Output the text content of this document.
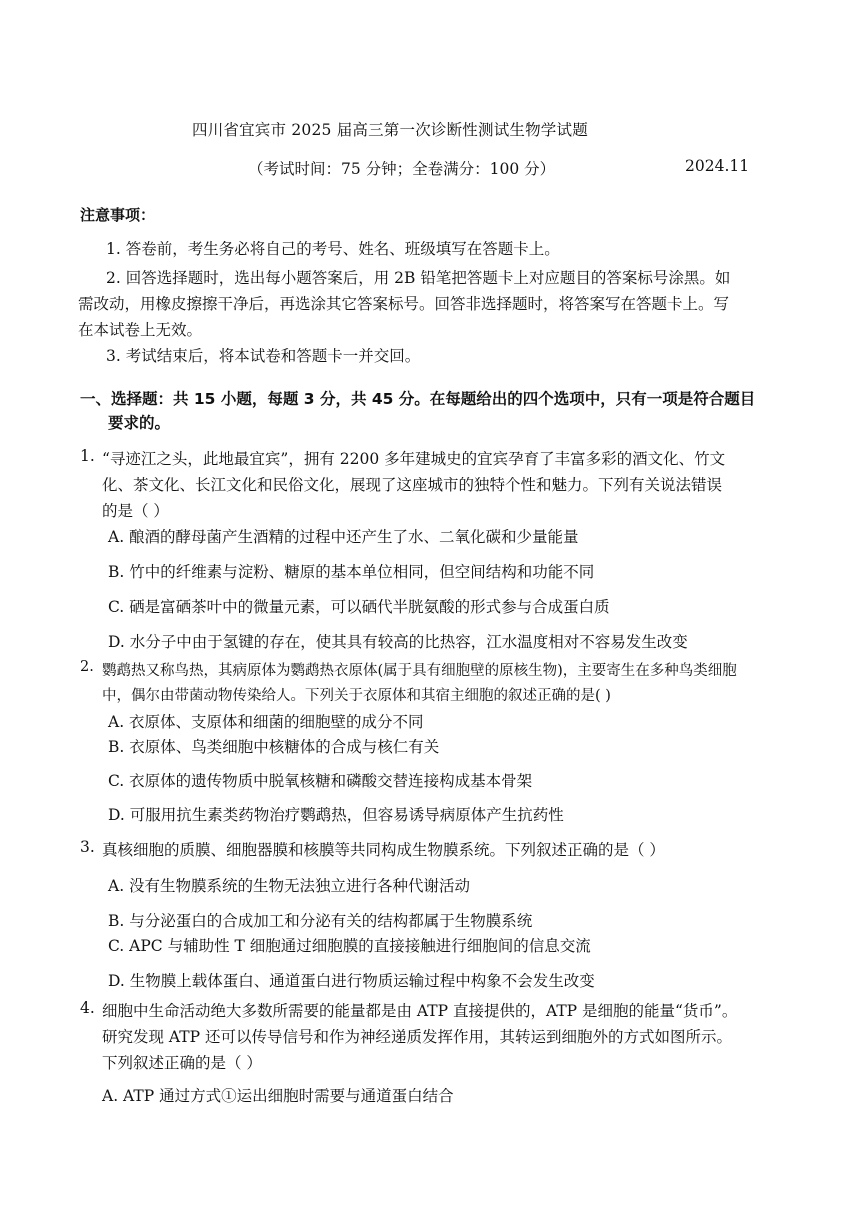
四川省宜宾市 2025 届高三第一次诊断性测试生物学试题
（考试时间：75 分钟；全卷满分：100 分）	2024.11
注意事项：
1. 答卷前，考生务必将自己的考号、姓名、班级填写在答题卡上。
2. 回答选择题时，选出每小题答案后，用 2B 铅笔把答题卡上对应题目的答案标号涂黑。如
需改动，用橡皮擦擦干净后，再选涂其它答案标号。回答非选择题时，将答案写在答题卡上。写
在本试卷上无效。
3. 考试结束后，将本试卷和答题卡一并交回。
一、选择题：共 15 小题，每题 3 分，共 45 分。在每题给出的四个选项中，只有一项是符合题目
要求的。
1. “寻迹江之头，此地最宜宾”，拥有 2200 多年建城史的宜宾孕育了丰富多彩的酒文化、竹文
化、茶文化、长江文化和民俗文化，展现了这座城市的独特个性和魅力。下列有关说法错误
的是（ ）
A. 酿酒的酵母菌产生酒精的过程中还产生了水、二氧化碳和少量能量
B. 竹中的纤维素与淀粉、糖原的基本单位相同，但空间结构和功能不同
C. 硒是富硒茶叶中的微量元素，可以硒代半胱氨酸的形式参与合成蛋白质
D. 水分子中由于氢键的存在，使其具有较高的比热容，江水温度相对不容易发生改变
2. 鹦鹉热又称鸟热，其病原体为鹦鹉热衣原体(属于具有细胞壁的原核生物)，主要寄生在多种鸟类细胞
中，偶尔由带菌动物传染给人。下列关于衣原体和其宿主细胞的叙述正确的是( )
A. 衣原体、支原体和细菌的细胞壁的成分不同
B. 衣原体、鸟类细胞中核糖体的合成与核仁有关
C. 衣原体的遗传物质中脱氧核糖和磷酸交替连接构成基本骨架
D. 可服用抗生素类药物治疗鹦鹉热，但容易诱导病原体产生抗药性
3. 真核细胞的质膜、细胞器膜和核膜等共同构成生物膜系统。下列叙述正确的是（ ）
A. 没有生物膜系统的生物无法独立进行各种代谢活动
B. 与分泌蛋白的合成加工和分泌有关的结构都属于生物膜系统
C. APC 与辅助性 T 细胞通过细胞膜的直接接触进行细胞间的信息交流
D. 生物膜上载体蛋白、通道蛋白进行物质运输过程中构象不会发生改变
4. 细胞中生命活动绝大多数所需要的能量都是由 ATP 直接提供的，ATP 是细胞的能量“货币”。
研究发现 ATP 还可以传导信号和作为神经递质发挥作用，其转运到细胞外的方式如图所示。
下列叙述正确的是（ ）
A. ATP 通过方式①运出细胞时需要与通道蛋白结合
